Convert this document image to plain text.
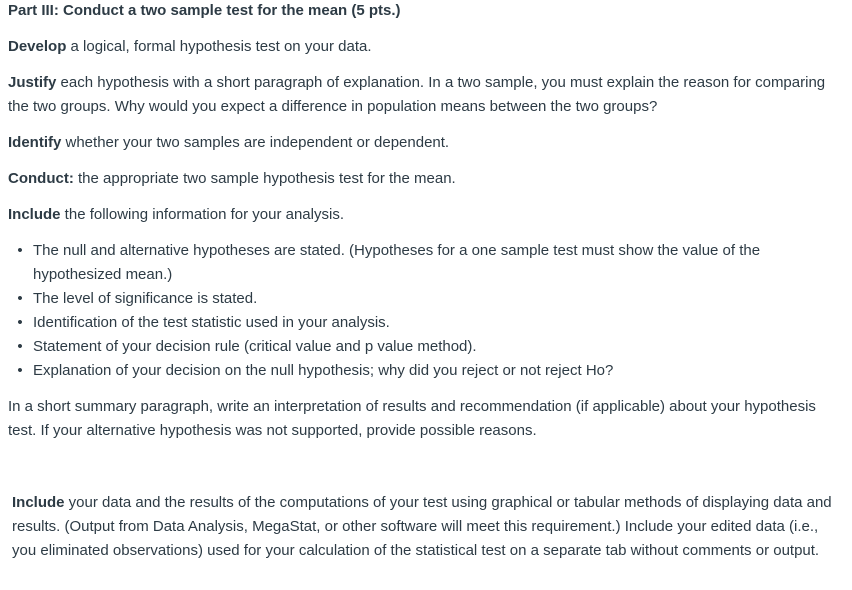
Part III: Conduct a two sample test for the mean (5 pts.)

Develop a logical, formal hypothesis test on your data.

Justify each hypothesis with a short paragraph of explanation. In a two sample, you must explain the reason for comparing the two groups. Why would you expect a difference in population means between the two groups?

Identify whether your two samples are independent or dependent.

Conduct: the appropriate two sample hypothesis test for the mean.

Include the following information for your analysis.

• The null and alternative hypotheses are stated. (Hypotheses for a one sample test must show the value of the hypothesized mean.)
• The level of significance is stated.
• Identification of the test statistic used in your analysis.
• Statement of your decision rule (critical value and p value method).
• Explanation of your decision on the null hypothesis; why did you reject or not reject Ho?

In a short summary paragraph, write an interpretation of results and recommendation (if applicable) about your hypothesis test. If your alternative hypothesis was not supported, provide possible reasons.

Include your data and the results of the computations of your test using graphical or tabular methods of displaying data and results. (Output from Data Analysis, MegaStat, or other software will meet this requirement.) Include your edited data (i.e., you eliminated observations) used for your calculation of the statistical test on a separate tab without comments or output.
